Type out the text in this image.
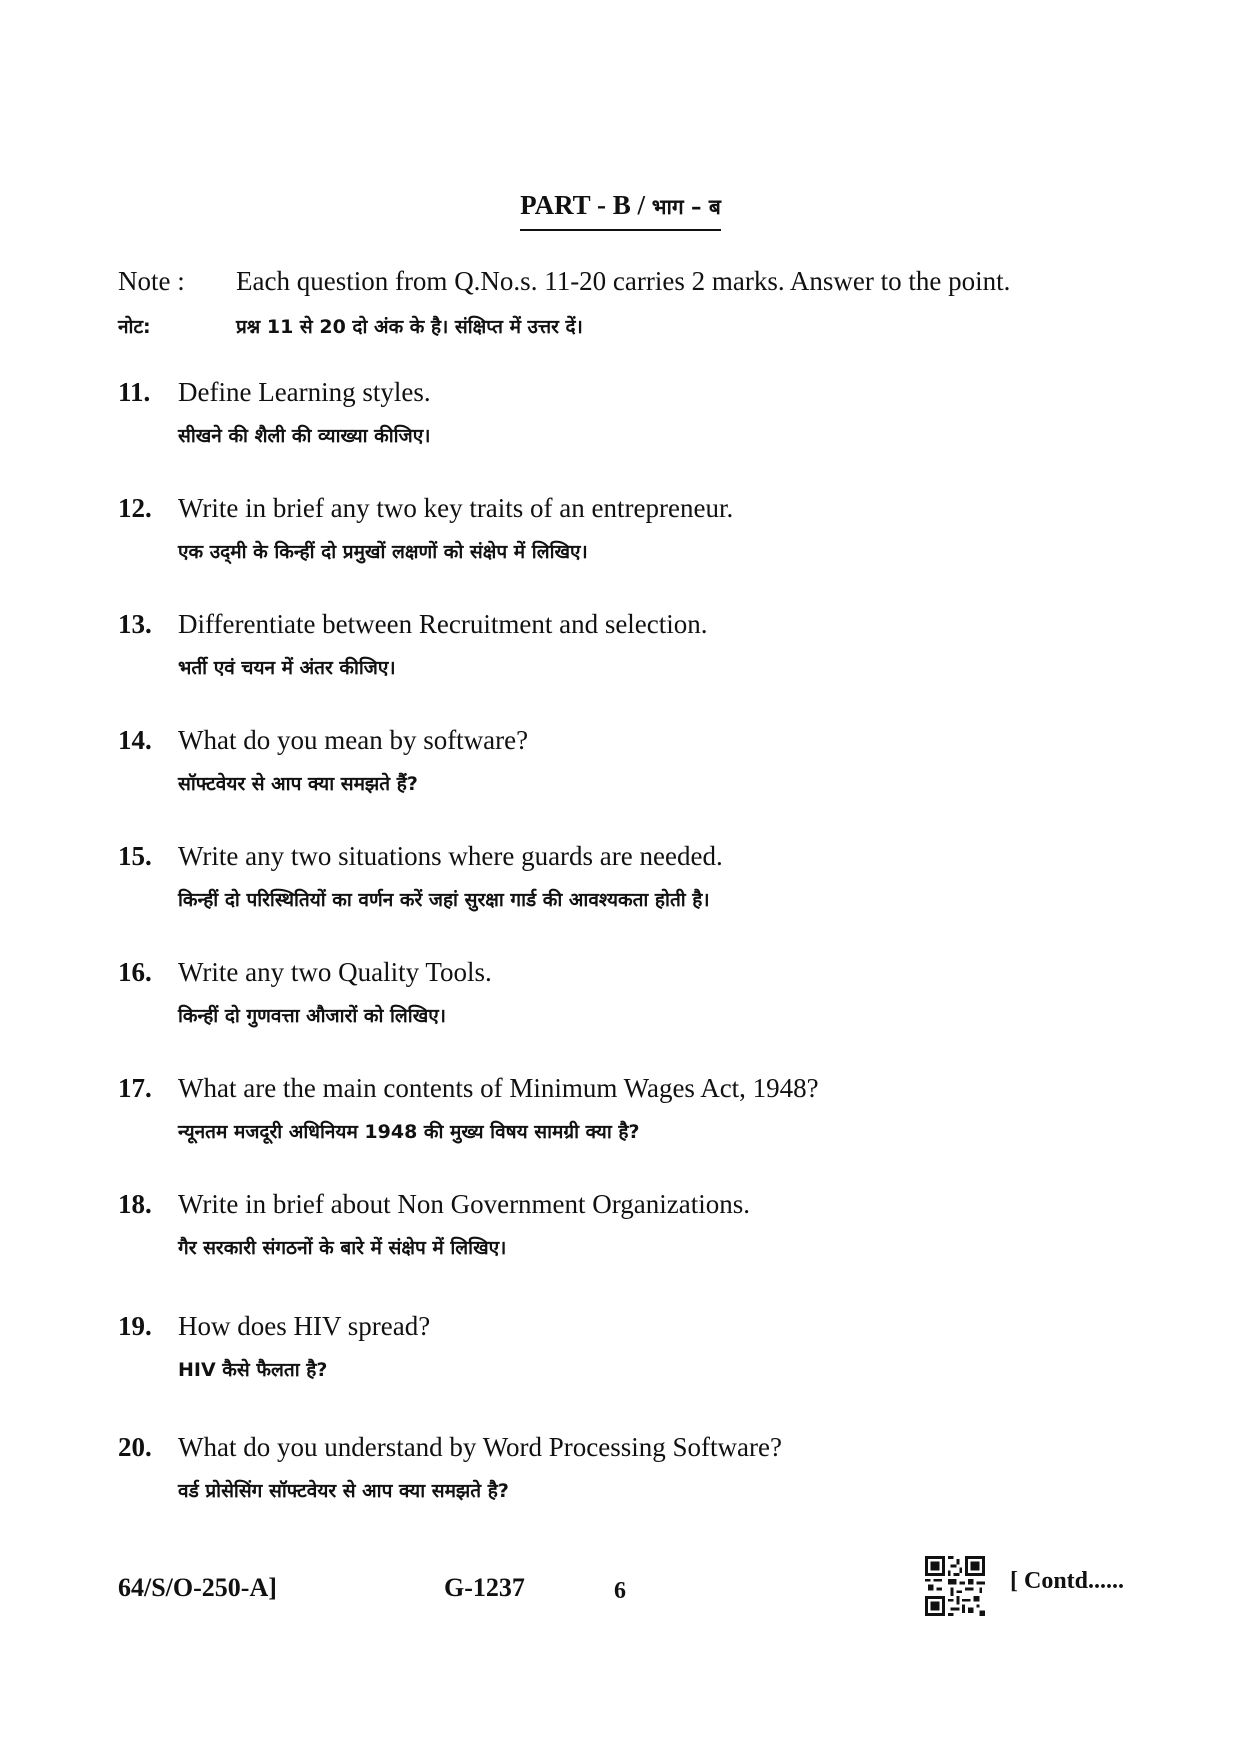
PART - B / भाग – ब
Note : Each question from Q.No.s. 11-20 carries 2 marks. Answer to the point.
नोट:	प्रश्न 11 से 20 दो अंक के है। संक्षिप्त में उत्तर दें।
11. Define Learning styles.
सीखने की शैली की व्याख्या कीजिए।
12. Write in brief any two key traits of an entrepreneur.
एक उद्‌मी के किन्हीं दो प्रमुखों लक्षणों को संक्षेप में लिखिए।
13. Differentiate between Recruitment and selection.
भर्ती एवं चयन में अंतर कीजिए।
14. What do you mean by software?
सॉफ्टवेयर से आप क्या समझते हैं?
15. Write any two situations where guards are needed.
किन्हीं दो परिस्थितियों का वर्णन करें जहां सुरक्षा गार्ड की आवश्यकता होती है।
16. Write any two Quality Tools.
किन्हीं दो गुणवत्ता औजारों को लिखिए।
17. What are the main contents of Minimum Wages Act, 1948?
न्यूनतम मजदूरी अधिनियम 1948 की मुख्य विषय सामग्री क्या है?
18. Write in brief about Non Government Organizations.
गैर सरकारी संगठनों के बारे में संक्षेप में लिखिए।
19. How does HIV spread?
HIV कैसे फैलता है?
20. What do you understand by Word Processing Software?
वर्ड प्रोसेसिंग सॉफ्टवेयर से आप क्या समझते है?
64/S/O-250-A]	G-1237	6	[ Contd......
